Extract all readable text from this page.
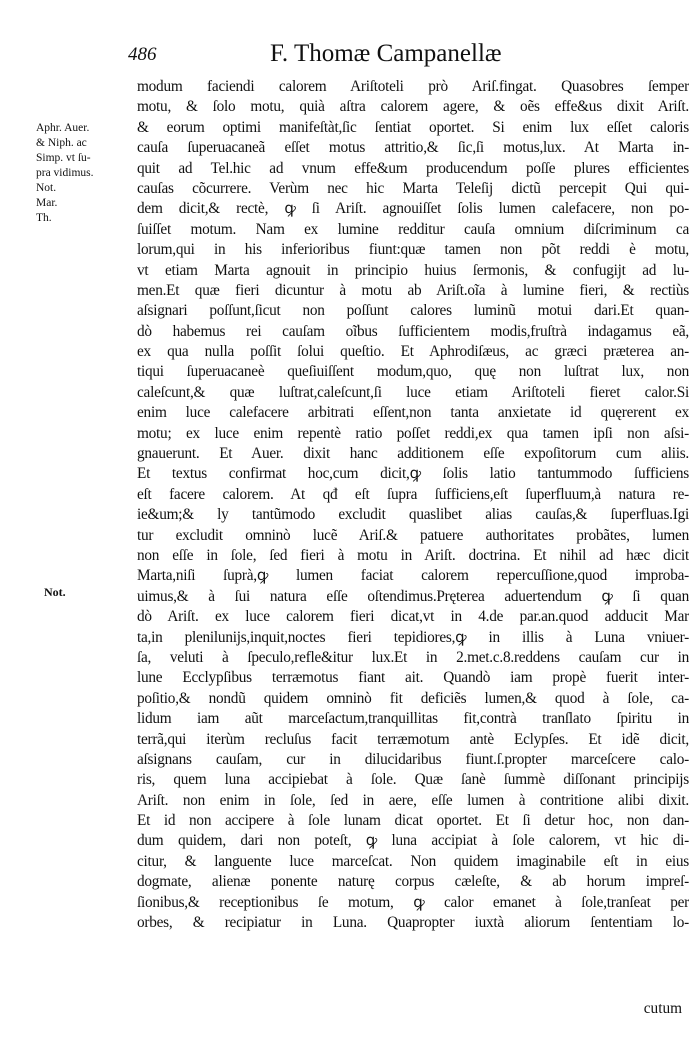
486	F. Thomæ Campanellæ
Aphr. Auer.
& Niph. ac
Simp. vt ſu-
pra vidimus.
Not.
Mar.
Th.
Not.
modum faciendi calorem Ariſtoteli prò Ariſ.fingat. Quasobres ſemper
motu, & ſolo motu, quià aſtra calorem agere, & oẽs effe&us dixit Ariſt.
& eorum optimi manifeſtàt,ſic ſentiat oportet. Si enim lux eſſet caloris
cauſa ſuperuacaneã eſſet motus attritio,& ſic,ſi motus,lux. At Marta in-
quit ad Tel.hic ad vnum effe&um producendum poſſe plures efficientes
cauſas cõcurrere. Verùm nec hic Marta Teleſij dictũ percepit Qui qui-
dem dicit,& rectè, ꝙ ſi Ariſt. agnouiſſet ſolis lumen calefacere, non po-
ſuiſſet motum. Nam ex lumine redditur cauſa omnium diſcriminum ca
lorum,qui in his inferioribus fiunt:quæ tamen non põt reddi è motu,
vt etiam Marta agnouit in principio huius ſermonis, & confugijt ad lu-
men.Et quæ fieri dicuntur à motu ab Ariſt.oĩa à lumine fieri, & rectiùs
aſsignari poſſunt,ſicut non poſſunt calores luminũ motui dari.Et quan-
dò habemus rei cauſam oĩbus ſufficientem modis,fruſtrà indagamus eã,
ex qua nulla poſſit ſolui queſtio. Et Aphrodiſæus, ac græci præterea an-
tiqui ſuperuacaneè queſiuiſſent modum,quo, quę non luſtrat lux, non
caleſcunt,& quæ luſtrat,caleſcunt,ſi luce etiam Ariſtoteli fieret calor.Si
enim luce calefacere arbitrati eſſent,non tanta anxietate id quęrerent ex
motu; ex luce enim repentè ratio poſſet reddi,ex qua tamen ipſi non aſsi-
gnauerunt. Et Auer. dixit hanc additionem eſſe expoſitorum cum aliis.
Et textus confirmat hoc,cum dicit,ꝙ ſolis latio tantummodo ſufficiens
eſt facere calorem. At qđ eſt ſupra ſufficiens,eſt ſuperfluum,à natura re-
ie&um;& ly tantũmodo excludit quaslibet alias cauſas,& ſuperfluas.Igi
tur excludit omninò lucẽ Ariſ.& patuere authoritates probãtes, lumen
non eſſe in ſole, ſed fieri à motu in Ariſt. doctrina. Et nihil ad hæc dicit
Marta,niſi ſuprà,ꝙ lumen faciat calorem repercuſſione,quod improba-
uimus,& à ſui natura eſſe oſtendimus.Pręterea aduertendum ꝙ ſi quan
dò Ariſt. ex luce calorem fieri dicat,vt in 4.de par.an.quod adducit Mar
ta,in plenilunijs,inquit,noctes fieri tepidiores,ꝙ in illis à Luna vniuer-
ſa, veluti à ſpeculo,refle&itur lux.Et in 2.met.c.8.reddens cauſam cur in
lune Ecclypſibus terræmotus fiant ait. Quandò iam propè fuerit inter-
poſitio,& nondũ quidem omninò fit deficiẽs lumen,& quod à ſole, ca-
lidum iam aũt marceſactum,tranquillitas fit,contrà tranſlato ſpiritu in
terrã,qui iterùm recluſus facit terræmotum antè Eclypſes. Et idẽ dicit,
aſsignans cauſam, cur in dilucidaribus fiunt.ſ.propter marceſcere calo-
ris, quem luna accipiebat à ſole. Quæ ſanè ſummè diſſonant principijs
Ariſt. non enim in ſole, ſed in aere, eſſe lumen à contritione alibi dixit.
Et id non accipere à ſole lunam dicat oportet. Et ſi detur hoc, non dan-
dum quidem, dari non poteſt, ꝙ luna accipiat à ſole calorem, vt hic di-
citur, & languente luce marceſcat. Non quidem imaginabile eſt in eius
dogmate, alienæ ponente naturę corpus cæleſte, & ab horum impreſ-
ſionibus,& receptionibus ſe motum, ꝙ calor emanet à ſole,tranſeat per
orbes, & recipiatur in Luna. Quapropter iuxtà aliorum ſententiam lo-
cutum
